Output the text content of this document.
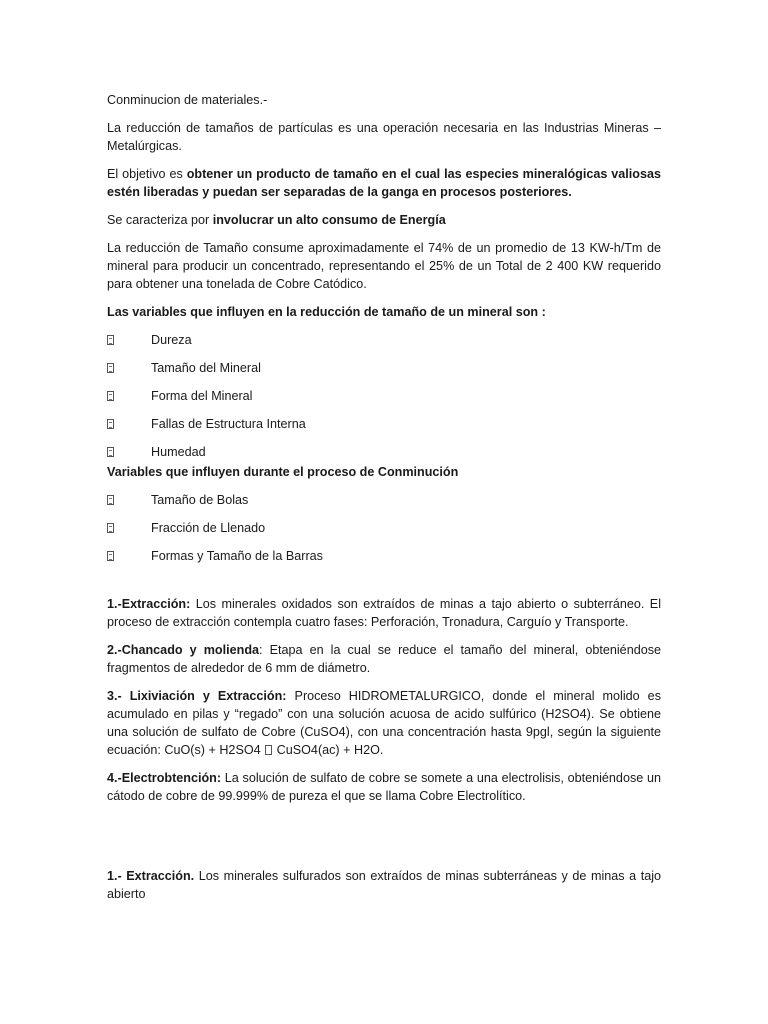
Conminucion de materiales.-

La reducción de tamaños de partículas es una operación necesaria en las Industrias Mineras – Metalúrgicas.

El objetivo es obtener un producto de tamaño en el cual las especies mineralógicas valiosas estén liberadas y puedan ser separadas de la ganga en procesos posteriores.

Se caracteriza por involucrar un alto consumo de Energía

La reducción de Tamaño consume aproximadamente el 74% de un promedio de 13 KW-h/Tm de mineral para producir un concentrado, representando el 25% de un Total de 2 400 KW requerido para obtener una tonelada de Cobre Catódico.

Las variables que influyen en la reducción de tamaño de un mineral son :

Dureza
Tamaño del Mineral
Forma del Mineral
Fallas de Estructura Interna
Humedad

Variables que influyen durante el proceso de Conminución

Tamaño de Bolas
Fracción de Llenado
Formas y Tamaño de la Barras

1.-Extracción: Los minerales oxidados son extraídos de minas a tajo abierto o subterráneo. El proceso de extracción contempla cuatro fases: Perforación, Tronadura, Carguío y Transporte.

2.-Chancado y molienda: Etapa en la cual se reduce el tamaño del mineral, obteniéndose fragmentos de alrededor de 6 mm de diámetro.

3.- Lixiviación y Extracción: Proceso HIDROMETALURGICO, donde el mineral molido es acumulado en pilas y “regado” con una solución acuosa de acido sulfúrico (H2SO4). Se obtiene una solución de sulfato de Cobre (CuSO4), con una concentración hasta 9pgl, según la siguiente ecuación: CuO(s) + H2SO4  CuSO4(ac) + H2O.

4.-Electrobtención: La solución de sulfato de cobre se somete a una electrolisis, obteniéndose un cátodo de cobre de 99.999% de pureza el que se llama Cobre Electrolítico.

1.- Extracción. Los minerales sulfurados son extraídos de minas subterráneas y de minas a tajo abierto
